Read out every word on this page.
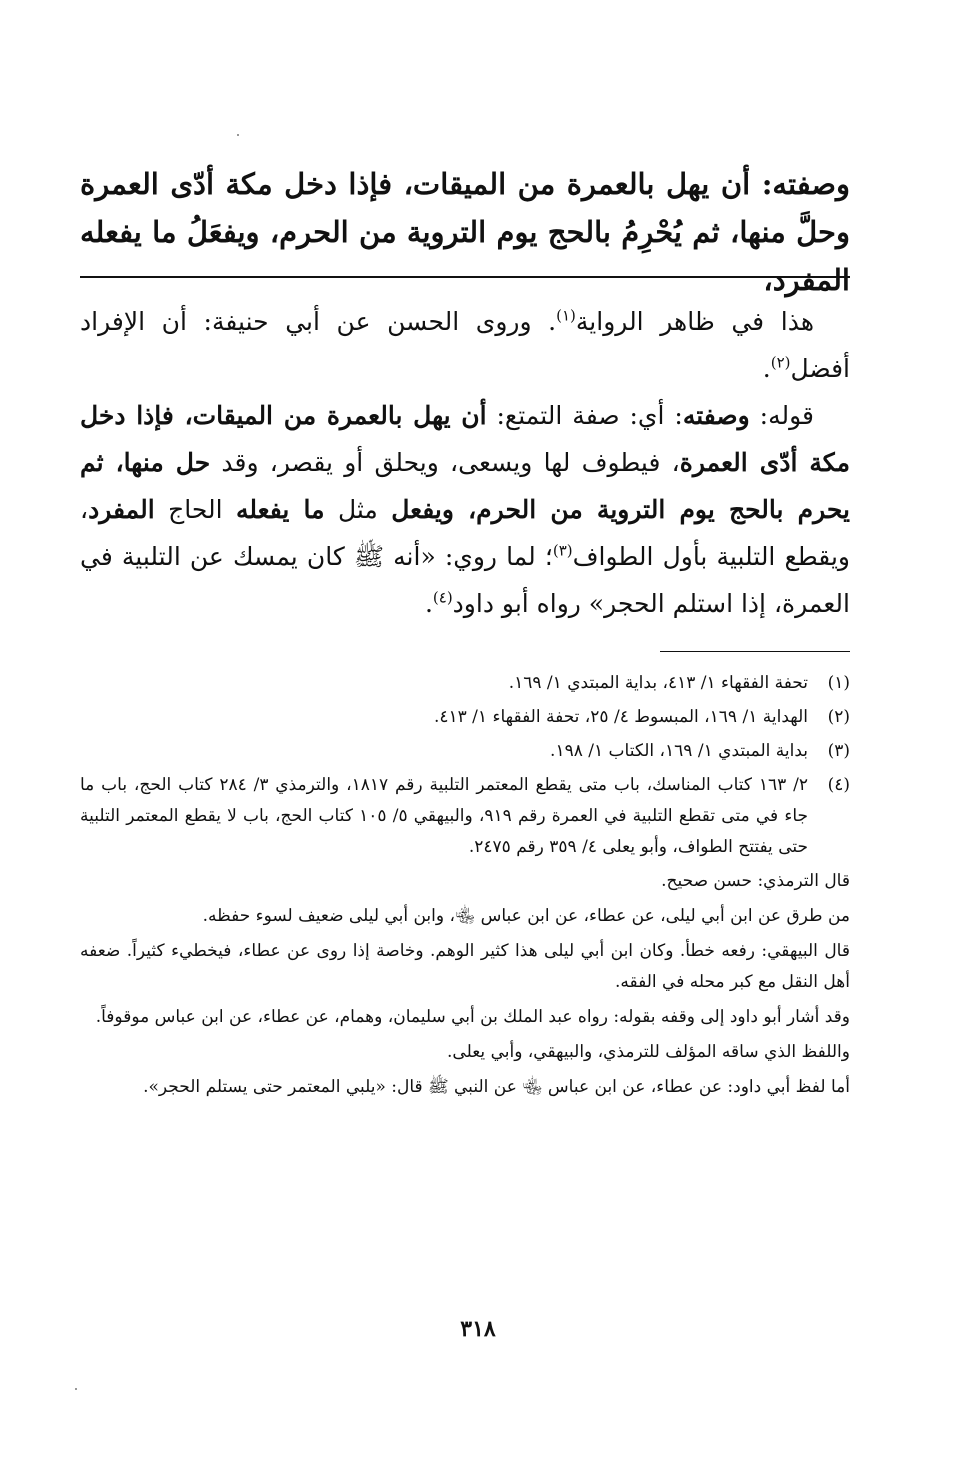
وصفته: أن يهل بالعمرة من الميقات، فإذا دخل مكة أدّى العمرة وحلَّ منها، ثم يُحْرِمُ بالحج يوم التروية من الحرم، ويفعَلُ ما يفعله المفرد،

هذا في ظاهر الرواية$^{(١)}$. وروى الحسن عن أبي حنيفة: أن الإفراد أفضل$^{(٢)}$.

قوله: وصفته: أي: صفة التمتع: أن يهل بالعمرة من الميقات، فإذا دخل مكة أدّى العمرة، فيطوف لها ويسعى، ويحلق أو يقصر، وقد حل منها، ثم يحرم بالحج يوم التروية من الحرم، ويفعل مثل ما يفعله الحاج المفرد، ويقطع التلبية بأول الطواف$^{(٣)}$؛ لما روي: «أنه ﷺ كان يمسك عن التلبية في العمرة، إذا استلم الحجر» رواه أبو داود$^{(٤)}$.

(١)
تحفة الفقهاء ١/ ٤١٣، بداية المبتدي ١/ ١٦٩.
(٢)
الهداية ١/ ١٦٩، المبسوط ٤/ ٢٥، تحفة الفقهاء ١/ ٤١٣.
(٣)
بداية المبتدي ١/ ١٦٩، الكتاب ١/ ١٩٨.
(٤)
٢/ ١٦٣ كتاب المناسك، باب متى يقطع المعتمر التلبية رقم ١٨١٧، والترمذي ٣/ ٢٨٤ كتاب الحج، باب ما جاء في متى تقطع التلبية في العمرة رقم ٩١٩، والبيهقي ٥/ ١٠٥ كتاب الحج، باب لا يقطع المعتمر التلبية حتى يفتتح الطواف، وأبو يعلى ٤/ ٣٥٩ رقم ٢٤٧٥.
قال الترمذي: حسن صحيح.
من طرق عن ابن أبي ليلى، عن عطاء، عن ابن عباس ﵄، وابن أبي ليلى ضعيف لسوء حفظه.
قال البيهقي: رفعه خطأ. وكان ابن أبي ليلى هذا كثير الوهم. وخاصة إذا روى عن عطاء، فيخطيء كثيراً. ضعفه أهل النقل مع كبر محله في الفقه.
وقد أشار أبو داود إلى وقفه بقوله: رواه عبد الملك بن أبي سليمان، وهمام، عن عطاء، عن ابن عباس موقوفاً.
واللفظ الذي ساقه المؤلف للترمذي، والبيهقي، وأبي يعلى.
أما لفظ أبي داود: عن عطاء، عن ابن عباس ﵄ عن النبي ﷺ قال: «يلبي المعتمر حتى يستلم الحجر».
٣١٨
